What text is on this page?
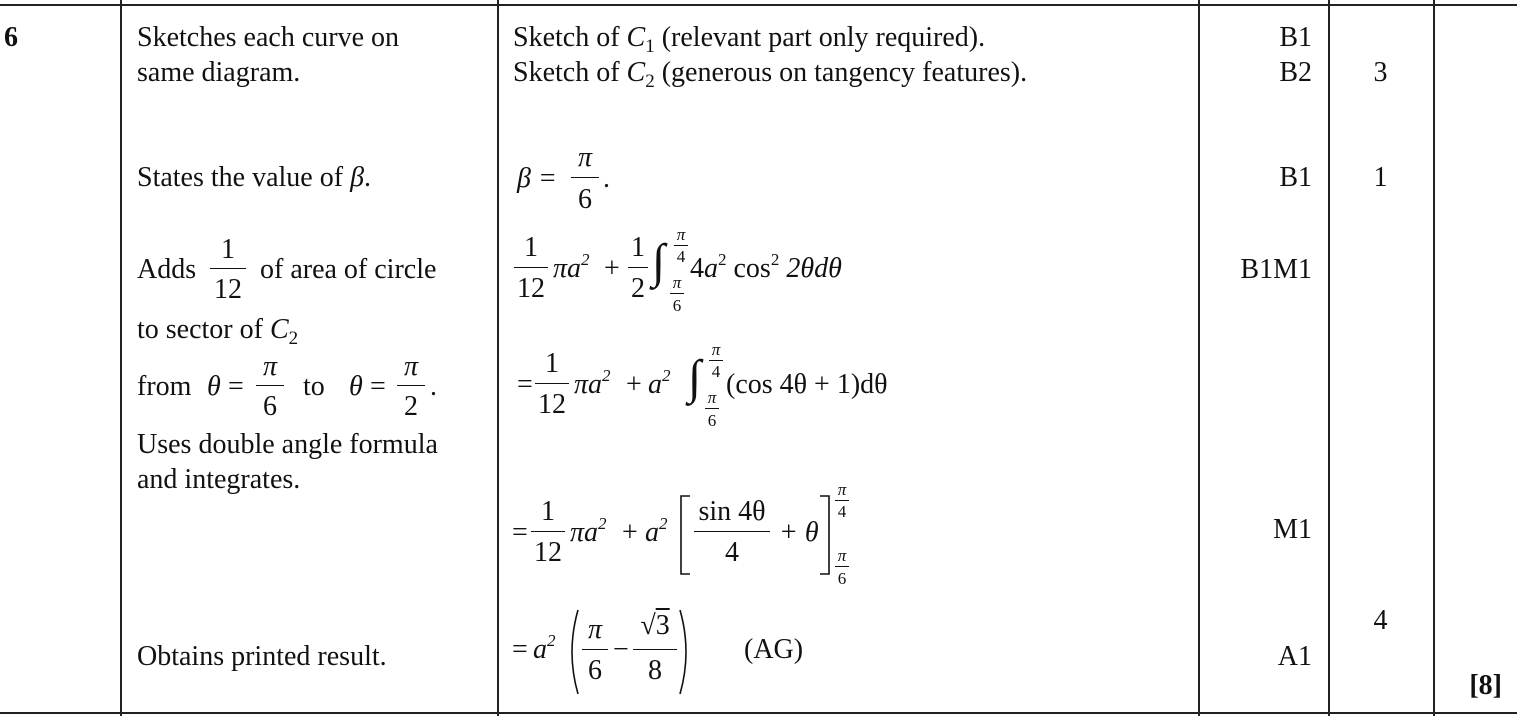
6	Sketches each curve on
same diagram.
States the value of β.
Adds
1
12
of area of circle
to sector of $C_2$
from θ =
π
6
to θ =
π
2
.
Uses double angle formula
and integrates.
Obtains printed result.
Sketch of $C_1$ (relevant part only required).
Sketch of $C_2$ (generous on tangency features).
β =
π
6
.
1
12
$\pi a^2$ +
1
2
∫
π
4
π
6
$4a^2$ $\cos^2 2\theta d\theta$
=
1
12
$\pi a^2 + a^2$ ∫
π
4
π
6
(cos 4θ + 1)dθ
=
1
12
$\pi a^2 + a^2$ sin 4θ
4
+ θ
π
4
π
6
= $a^2$ π
6
−
√3
8
(AG)
B1
B2
B1
B1M1
M1
A1
3
1
4
[8]
